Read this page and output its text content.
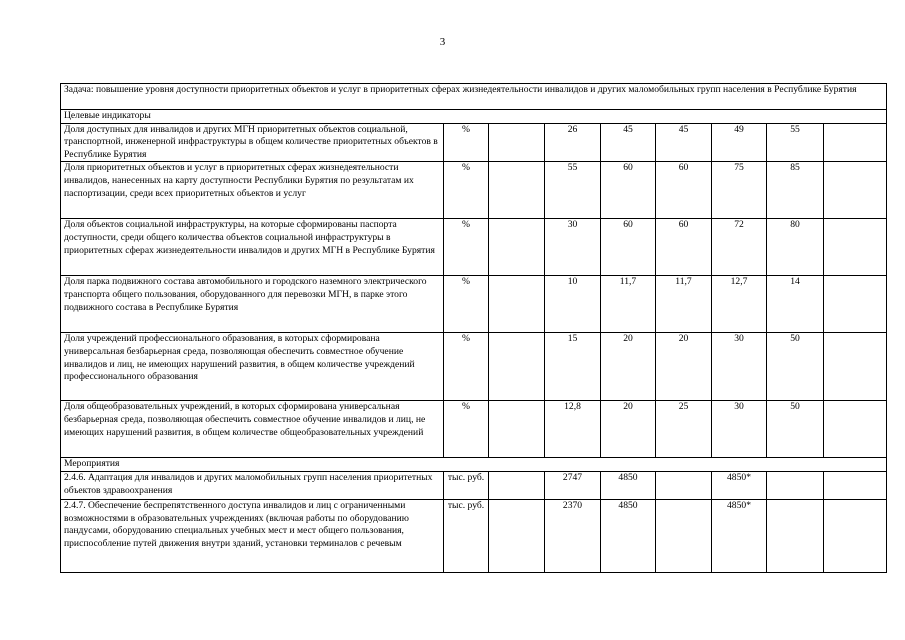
3
Задача: повышение уровня доступности приоритетных объектов и услуг в приоритетных сферах жизнедеятельности инвалидов и других маломобильных групп населения в Республике Бурятия								
Целевые индикаторы								
Доля доступных для инвалидов и других МГН приоритетных объектов социальной, транспортной, инженерной инфраструктуры в общем количестве приоритетных объектов в Республике Бурятия	%		26	45	45	49	55	
Доля приоритетных объектов и услуг в приоритетных сферах жизнедеятельности инвалидов, нанесенных на карту доступности Республики Бурятия по результатам их паспортизации, среди всех приоритетных объектов и услуг	%		55	60	60	75	85	
Доля объектов социальной инфраструктуры, на которые сформированы паспорта доступности, среди общего количества объектов социальной инфраструктуры в приоритетных сферах жизнедеятельности инвалидов и других МГН в Республике Бурятия	%		30	60	60	72	80	
Доля парка подвижного состава автомобильного и городского наземного электрического транспорта общего пользования, оборудованного для перевозки МГН, в парке этого подвижного состава в Республике Бурятия	%		10	11,7	11,7	12,7	14	
Доля учреждений профессионального образования, в которых сформирована универсальная безбарьерная среда, позволяющая обеспечить совместное обучение инвалидов и лиц, не имеющих нарушений развития, в общем количестве учреждений профессионального образования	%		15	20	20	30	50	
Доля общеобразовательных учреждений, в которых сформирована универсальная безбарьерная среда, позволяющая обеспечить совместное обучение инвалидов и лиц, не имеющих нарушений развития, в общем количестве общеобразовательных учреждений	%		12,8	20	25	30	50	
Мероприятия								
2.4.6. Адаптация для инвалидов и других маломобильных групп населения приоритетных объектов здравоохранения	тыс. руб.		2747	4850		4850*		
2.4.7. Обеспечение беспрепятственного доступа инвалидов и лиц с ограниченными возможностями в образовательных учреждениях (включая работы по оборудованию пандусами, оборудованию специальных учебных мест и мест общего пользования, приспособление путей движения внутри зданий, установки терминалов с речевым	тыс. руб.		2370	4850		4850*		
